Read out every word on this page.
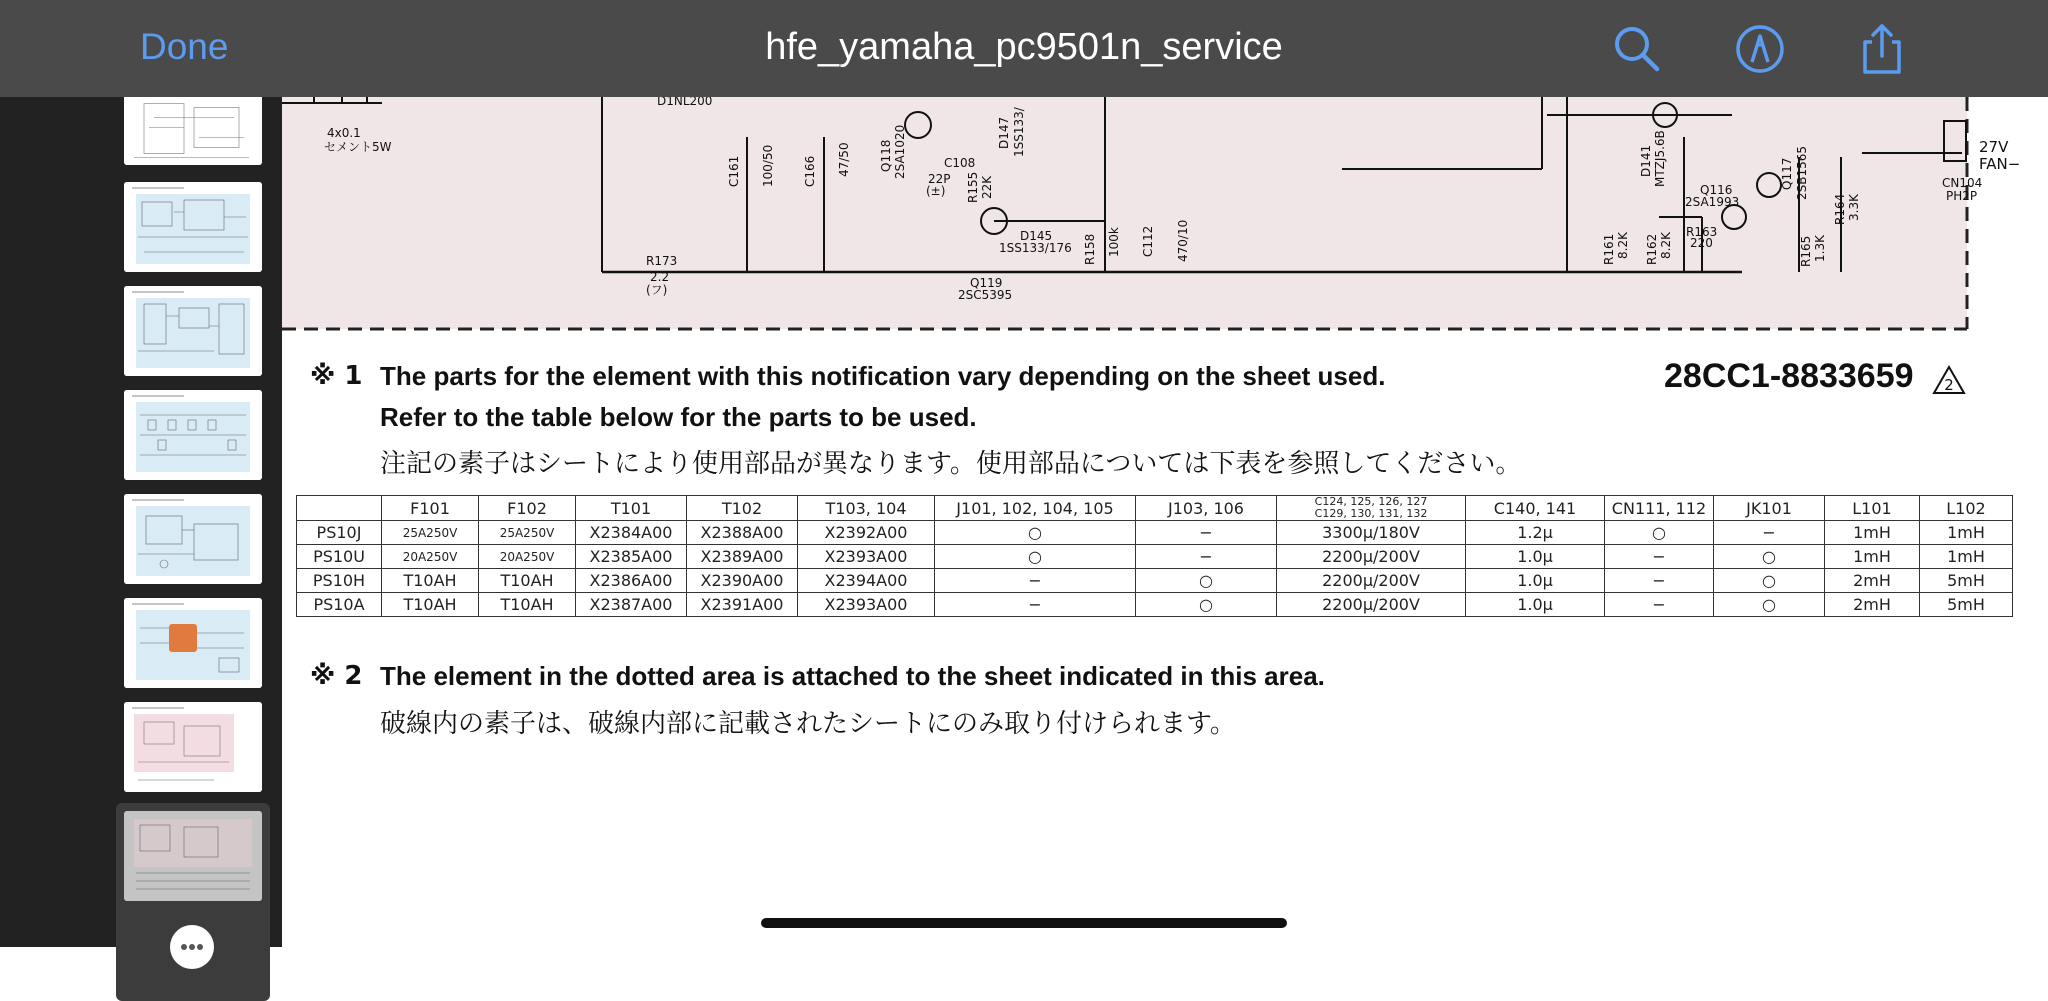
Done	hfe_yamaha_pc9501n_service
4x0.1
セメント5W
D1NL200
C161 100/50 C166 47/50 Q118 2SA1020	C108
22P
(±)
D147 1SS133/
R155 22K
D145
1SS133/176 R158 100k C112 470/10
R173
2.2
(フ)	Q119
2SC5395
D141 MTZJ5.6B
Q116
2SA1993
Q117 2SB1565
R161 8.2K R162 8.2K
R163
220	R165 1.3K
R164 3.3K
CN104
PH2P
27V
FAN−
※ 1 The parts for the element with this notification vary depending on the sheet used.
Refer to the table below for the parts to be used.
注記の素子はシートにより使用部品が異なります。使用部品については下表を参照してください。
28CC1-8833659 2
	F101	F102	T101	T102	T103, 104	J101, 102, 104, 105	J103, 106	C124, 125, 126, 127
C129, 130, 131, 132	C140, 141	CN111, 112	JK101	L101	L102
PS10J	25A250V	25A250V	X2384A00	X2388A00	X2392A00	○	−	3300μ/180V	1.2μ	○	−	1mH	1mH
PS10U	20A250V	20A250V	X2385A00	X2389A00	X2393A00	○	−	2200μ/200V	1.0μ	−	○	1mH	1mH
PS10H	T10AH	T10AH	X2386A00	X2390A00	X2394A00	−	○	2200μ/200V	1.0μ	−	○	2mH	5mH
PS10A	T10AH	T10AH	X2387A00	X2391A00	X2393A00	−	○	2200μ/200V	1.0μ	−	○	2mH	5mH
※ 2 The element in the dotted area is attached to the sheet indicated in this area.
破線内の素子は、破線内部に記載されたシートにのみ取り付けられます。
